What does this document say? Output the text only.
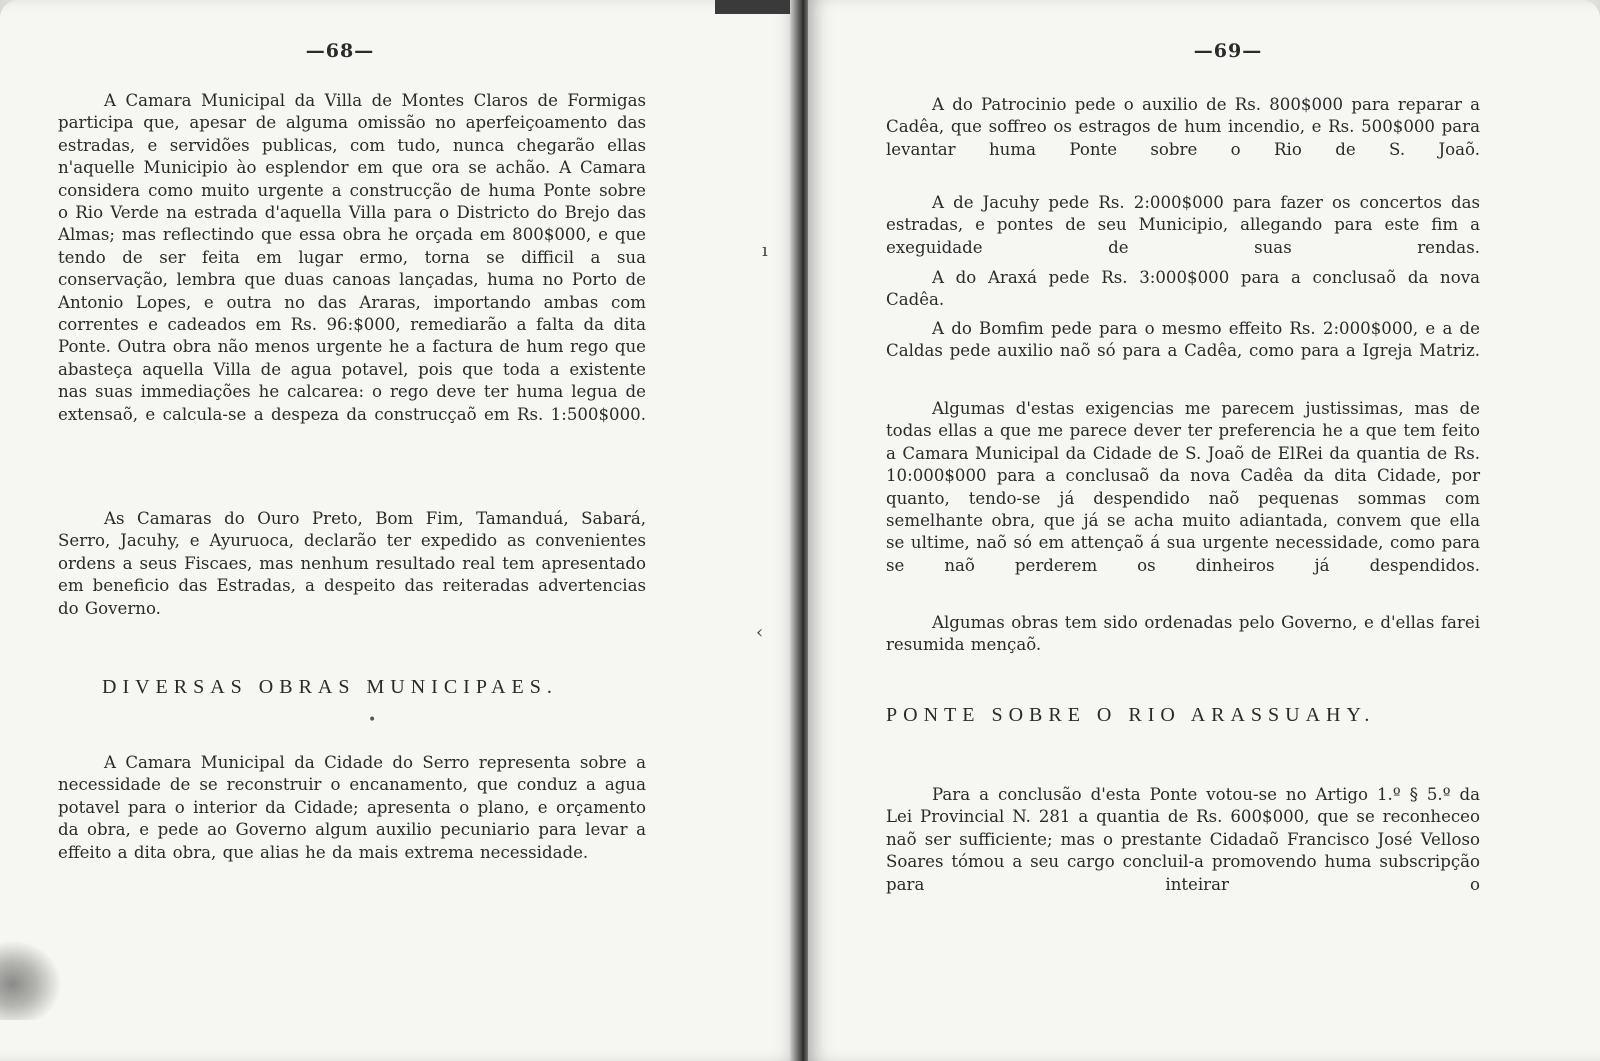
—68—

A Camara Municipal da Villa de Montes Claros de Formigas participa que, apesar de alguma omissão no aperfeiçoamento das estradas, e servidões publicas, com tudo, nunca chegarão ellas n'aquelle Municipio ào esplendor em que ora se achão. A Camara considera como muito urgente a construcção de huma Ponte sobre o Rio Verde na estrada d'aquella Villa para o Districto do Brejo das Almas; mas reflectindo que essa obra he orçada em 800$000, e que tendo de ser feita em lugar ermo, torna se difficil a sua conservação, lembra que duas canoas lançadas, huma no Porto de Antonio Lopes, e outra no das Araras, importando ambas com correntes e cadeados em Rs. 96:$000, remediarão a falta da dita Ponte. Outra obra não menos urgente he a factura de hum rego que abasteça aquella Villa de agua potavel, pois que toda a existente nas suas immediações he calcarea: o rego deve ter huma legua de extensaõ, e calcula-se a despeza da construcçaõ em Rs. 1:500$000.

As Camaras do Ouro Preto, Bom Fim, Tamanduá, Sabará, Serro, Jacuhy, e Ayuruoca, declarão ter expedido as convenientes ordens a seus Fiscaes, mas nenhum resultado real tem apresentado em beneficio das Estradas, a despeito das reiteradas advertencias do Governo.

DIVERSAS OBRAS MUNICIPAES.
•

A Camara Municipal da Cidade do Serro representa sobre a necessidade de se reconstruir o encanamento, que conduz a agua potavel para o interior da Cidade; apresenta o plano, e orçamento da obra, e pede ao Governo algum auxilio pecuniario para levar a effeito a dita obra, que alias he da mais extrema necessidade.

ı
‹
—69—

A do Patrocinio pede o auxilio de Rs. 800$000 para reparar a Cadêa, que soffreo os estragos de hum incendio, e Rs. 500$000 para levantar huma Ponte sobre o Rio de S. Joaõ.

A de Jacuhy pede Rs. 2:000$000 para fazer os concertos das estradas, e pontes de seu Municipio, allegando para este fim a exeguidade de suas rendas.

A do Araxá pede Rs. 3:000$000 para a conclusaõ da nova Cadêa.

A do Bomfim pede para o mesmo effeito Rs. 2:000$000, e a de Caldas pede auxilio naõ só para a Cadêa, como para a Igreja Matriz.

Algumas d'estas exigencias me parecem justissimas, mas de todas ellas a que me parece dever ter preferencia he a que tem feito a Camara Municipal da Cidade de S. Joaõ de ElRei da quantia de Rs. 10:000$000 para a conclusaõ da nova Cadêa da dita Cidade, por quanto, tendo-se já despendido naõ pequenas sommas com semelhante obra, que já se acha muito adiantada, convem que ella se ultime, naõ só em attençaõ á sua urgente necessidade, como para se naõ perderem os dinheiros já despendidos.

Algumas obras tem sido ordenadas pelo Governo, e d'ellas farei resumida mençaõ.

PONTE SOBRE O RIO ARASSUAHY.

Para a conclusão d'esta Ponte votou-se no Artigo 1.º § 5.º da Lei Provincial N. 281 a quantia de Rs. 600$000, que se reconheceo naõ ser sufficiente; mas o prestante Cidadaõ Francisco José Velloso Soares tómou a seu cargo concluil-a promovendo huma subscripção para inteirar o
